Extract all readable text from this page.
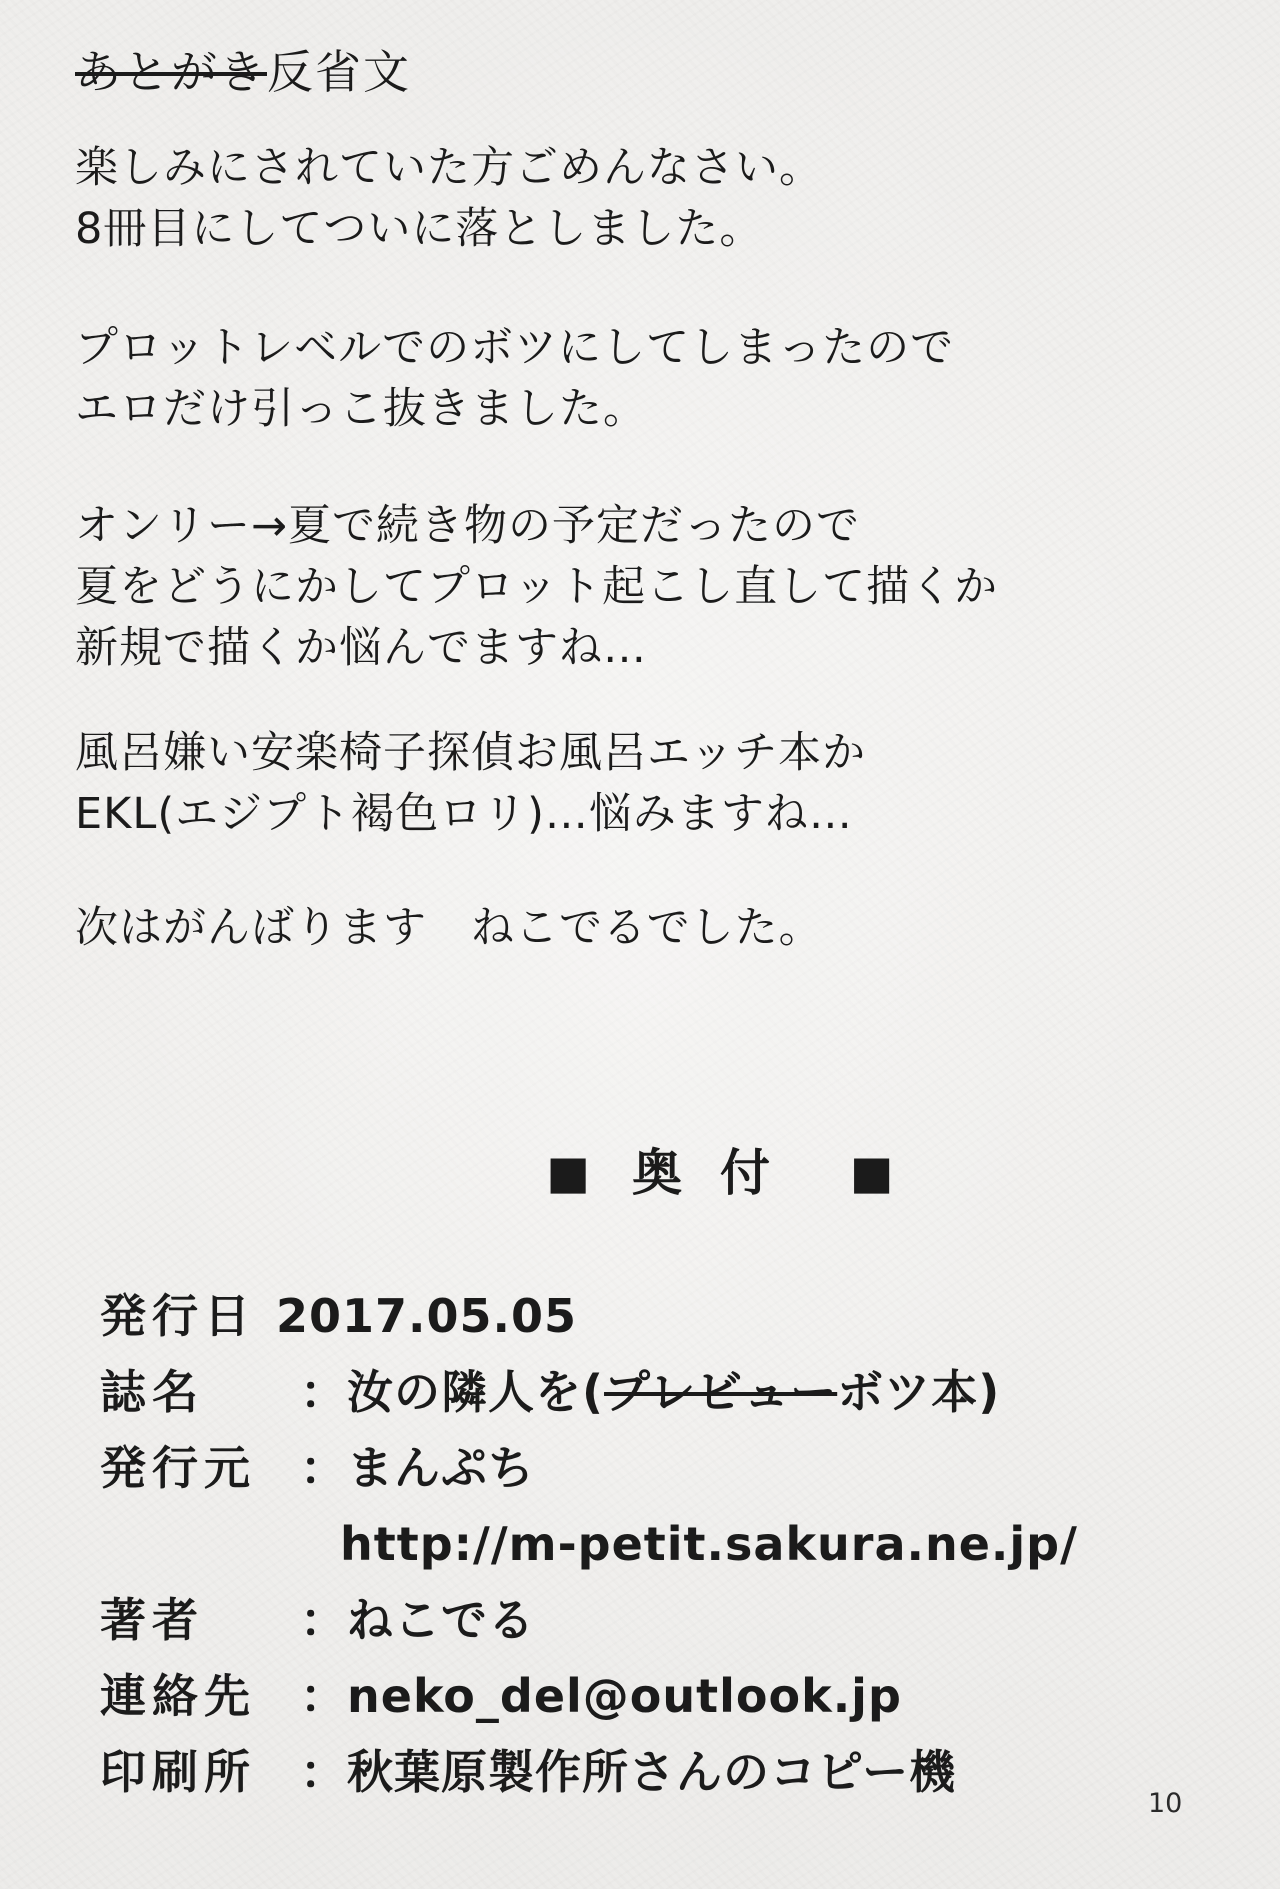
あとがき反省文
楽しみにされていた方ごめんなさい。
8冊目にしてついに落としました。
プロットレベルでのボツにしてしまったので
エロだけ引っこ抜きました。
オンリー→夏で続き物の予定だったので
夏をどうにかしてプロット起こし直して描くか
新規で描くか悩んでますね…
風呂嫌い安楽椅子探偵お風呂エッチ本か
EKL(エジプト褐色ロリ)…悩みますね…
次はがんばります　ねこでるでした。
■ 奥付 ■
発行日 2017.05.05
誌名 ：汝の隣人を(プレビューボツ本)
発行元 ：まんぷち
http://m-petit.sakura.ne.jp/
著者 ：ねこでる
連絡先 ：neko_del@outlook.jp
印刷所 ：秋葉原製作所さんのコピー機
10
